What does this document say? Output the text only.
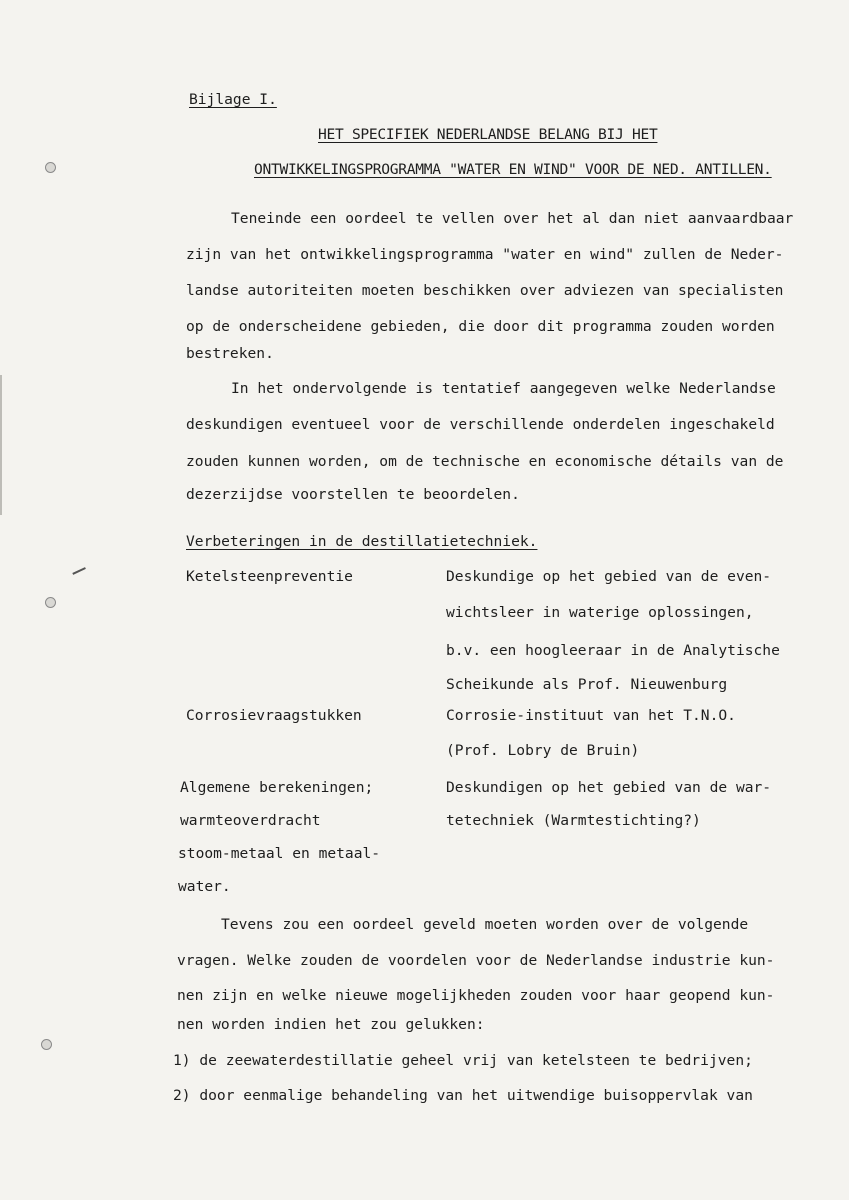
Bijlage I.
HET SPECIFIEK NEDERLANDSE BELANG BIJ HET
ONTWIKKELINGSPROGRAMMA "WATER EN WIND" VOOR DE NED. ANTILLEN.
Teneinde een oordeel te vellen over het al dan niet aanvaardbaar
zijn van het ontwikkelingsprogramma "water en wind" zullen de Neder-
landse autoriteiten moeten beschikken over adviezen van specialisten
op de onderscheidene gebieden, die door dit programma zouden worden
bestreken.
In het ondervolgende is tentatief aangegeven welke Nederlandse
deskundigen eventueel voor de verschillende onderdelen ingeschakeld
zouden kunnen worden, om de technische en economische détails van de
dezerzijdse voorstellen te beoordelen.
Verbeteringen in de destillatietechniek.
Ketelsteenpreventie	Deskundige op het gebied van de even-
wichtsleer in waterige oplossingen,
b.v. een hoogleeraar in de Analytische
Scheikunde als Prof. Nieuwenburg
Corrosievraagstukken	Corrosie-instituut van het T.N.O.
(Prof. Lobry de Bruin)
Algemene berekeningen;
warmteoverdracht
stoom-metaal en metaal-
water.
Deskundigen op het gebied van de war-
tetechniek (Warmtestichting?)
Tevens zou een oordeel geveld moeten worden over de volgende
vragen. Welke zouden de voordelen voor de Nederlandse industrie kun-
nen zijn en welke nieuwe mogelijkheden zouden voor haar geopend kun-
nen worden indien het zou gelukken:
1) de zeewaterdestillatie geheel vrij van ketelsteen te bedrijven;
2) door eenmalige behandeling van het uitwendige buisoppervlak van
